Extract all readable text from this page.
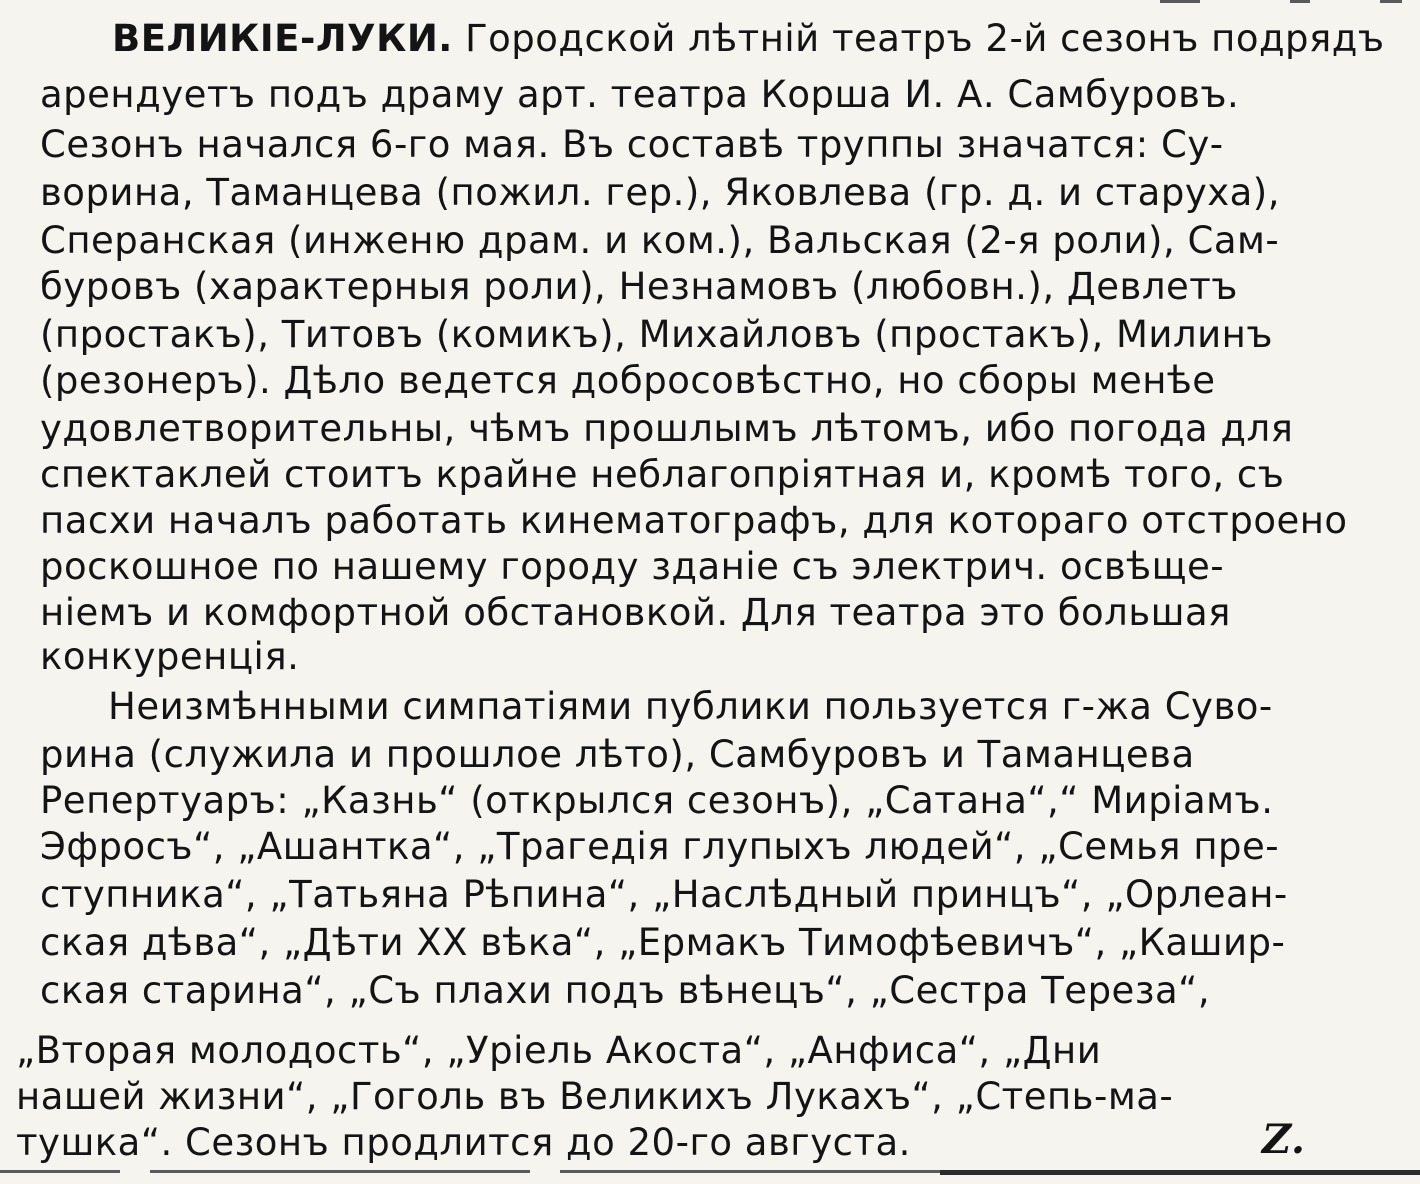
ВЕЛИКІЕ-ЛУКИ. Городской лѣтній театръ 2-й сезонъ подрядъ
арендуетъ подъ драму арт. театра Корша И. А. Самбуровъ.
Сезонъ начался 6-го мая. Въ составѣ труппы значатся: Су-
ворина, Таманцева (пожил. гер.), Яковлева (гр. д. и старуха),
Сперанская (инженю драм. и ком.), Вальская (2-я роли), Сам-
буровъ (характерныя роли), Незнамовъ (любовн.), Девлетъ
(простакъ), Титовъ (комикъ), Михайловъ (простакъ), Милинъ
(резонеръ). Дѣло ведется добросовѣстно, но сборы менѣе
удовлетворительны, чѣмъ прошлымъ лѣтомъ, ибо погода для
спектаклей стоитъ крайне неблагопріятная и, кромѣ того, съ
пасхи началъ работать кинематографъ, для котораго отстроено
роскошное по нашему городу зданіе съ электрич. освѣще-
ніемъ и комфортной обстановкой. Для театра это большая
конкуренція.
Неизмѣнными симпатіями публики пользуется г-жа Суво-
рина (служила и прошлое лѣто), Самбуровъ и Таманцева
Репертуаръ: „Казнь“ (открылся сезонъ), „Сатана“,“ Миріамъ.
Эфросъ“, „Ашантка“, „Трагедія глупыхъ людей“, „Семья пре-
ступника“, „Татьяна Рѣпина“, „Наслѣдный принцъ“, „Орлеан-
ская дѣва“, „Дѣти XX вѣка“, „Ермакъ Тимофѣевичъ“, „Кашир-
ская старина“, „Съ плахи подъ вѣнецъ“, „Сестра Тереза“,
„Вторая молодость“, „Уріель Акоста“, „Анфиса“, „Дни
нашей жизни“, „Гоголь въ Великихъ Лукахъ“, „Степь-ма-
тушка“. Сезонъ продлится до 20-го августа.	Z.
